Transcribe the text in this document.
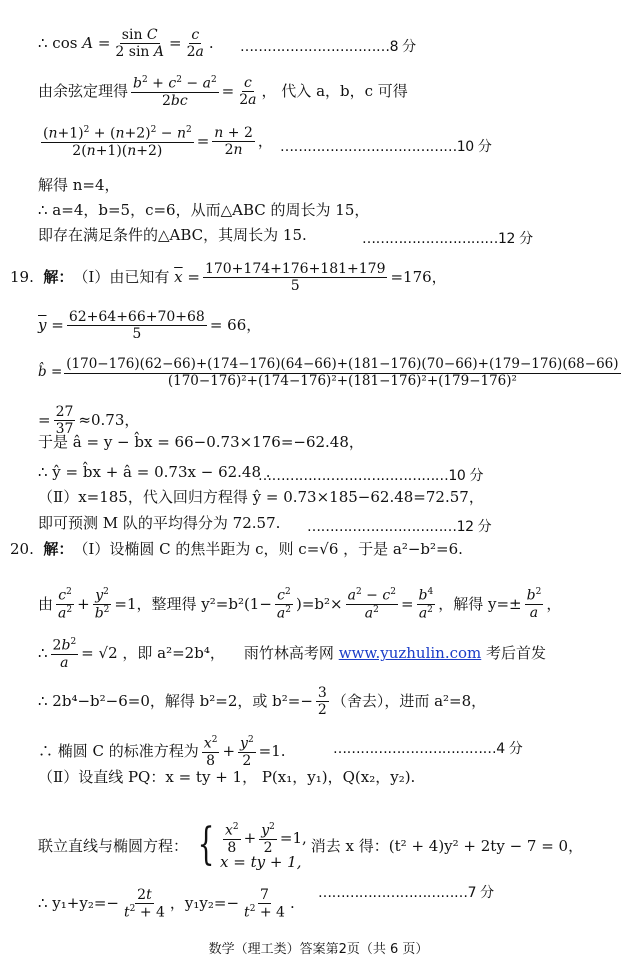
∴ $\cos A = \frac{\text{sin C}}{\text{2 sin A}} = \frac{c}{2a}$ . ……………………………8 分
由余弦定理得 $\frac{b^2 + c^2 - a^2}{2bc} = \frac{c}{2a}$ ， 代入 a，b，c 可得
$\frac{(n+1)^2 + (n+2)^2 - n^2}{2(n+1)(n+2)} = \frac{n + 2}{2n}$ ， …………………………………10 分
解得 n=4，
∴ a=4，b=5，c=6，从而△ABC 的周长为 15，
即存在满足条件的△ABC，其周长为 15.	…………………………12 分
19.
解： （Ⅰ）由已知有
$\overline{x} = \frac{170+174+176+181+179}{5} =176$，
$\overline{y} = \frac{62+64+66+70+68}{5} = 66$，
b̂ =
(170−176)(62−66)+(174−176)(64−66)+(181−176)(70−66)+(179−176)(68−66)
(170−176)²+(174−176)²+(181−176)²+(179−176)²
= $\frac{27}{37} \approx 0.73$，
于是 â = y − b̂x = 66−0.73×176=−62.48，
∴ ŷ = b̂x + â = 0.73x − 62.48 .
……………………………………10 分
（Ⅱ）x=185，代入回归方程得 ŷ = 0.73×185−62.48=72.57，
即可预测 M 队的平均得分为 72.57. ……………………………12 分
20.
解： （Ⅰ）设椭圆 C 的焦半距为 c，则 c=√6 ，于是 a²−b²=6.
由 $\frac{c^2}{a^2} + \frac{y^2}{b^2} =1$ ，整理得 $y^2=b^2(1- \frac{c^2}{a^2} )=b^2\times \frac{a^2 - c^2}{a^2} = \frac{b^4}{a^2}$ ，解得 $y=\pm \frac{b^2}{a}$ ，
∴ $\frac{2b^2}{a} = √2$ ，即 a²=2b⁴，
雨竹林高考网
www.yuzhulin.com
考后首发
∴ 2b⁴−b²−6=0，解得 b²=2，或 $b^2=- \frac{3}{2}$ （舍去），进而 a²=8，
∴ 椭圆 C 的标准方程为 $\frac{x^2}{8} + \frac{y^2}{2} =1$.	………………………………4 分
（Ⅱ）设直线 PQ：x = ty + 1， P(x₁，y₁)，Q(x₂，y₂).
联立直线与椭圆方程： { $\frac{x^2}{8} + \frac{y^2}{2} =1$,
x = ty + 1,
消去 x 得：(t² + 4)y² + 2ty − 7 = 0，
∴ $y_1+y_2=- \frac{2t}{t^2 + 4}$ ，$y_1y_2=- \frac{7}{t^2 + 4}$ .
……………………………7 分
数学（理工类）答案第2页（共 6 页）
